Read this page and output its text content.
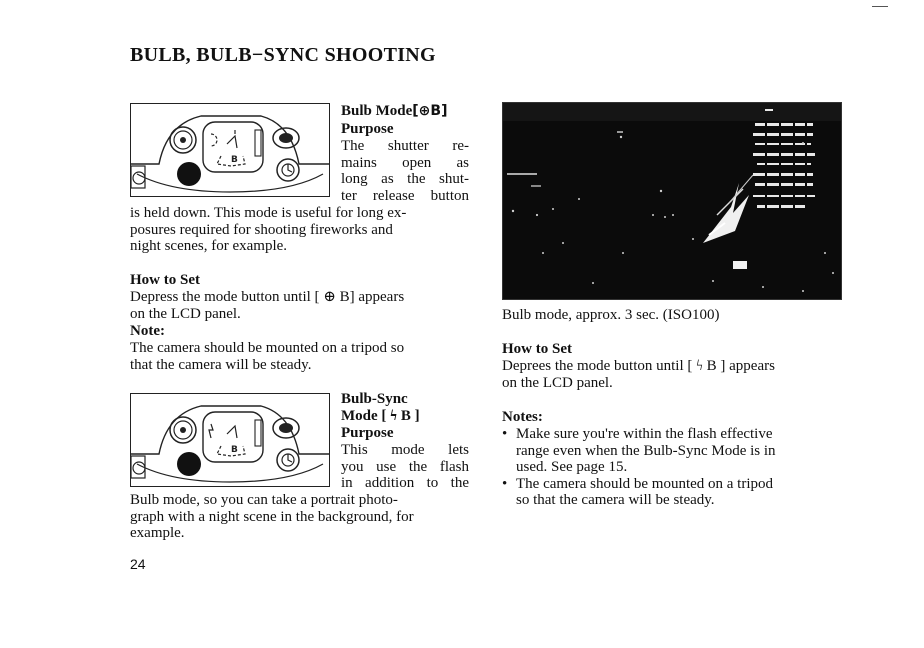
BULB, BULB−SYNC SHOOTING
B
Bulb Mode[⊕B]
Purpose
The shutter re-
mains open as
long as the shut-
ter release button
is held down. This mode is useful for long ex-
posures required for shooting fireworks and
night scenes, for example.
How to Set
Depress the mode button until [ ⊕ B] appears
on the LCD panel.
Note:
The camera should be mounted on a tripod so
that the camera will be steady.
B
Bulb-Sync
Mode [ ϟ B ]
Purpose
This mode lets
you use the flash
in addition to the
Bulb mode, so you can take a portrait photo-
graph with a night scene in the background, for
example.
24
Bulb mode, approx. 3 sec. (ISO100)
How to Set
Deprees the mode button until [ ϟ B ] appears
on the LCD panel.
Notes:
• Make sure you're within the flash effective
range even when the Bulb-Sync Mode is in
used. See page 15.
• The camera should be mounted on a tripod
so that the camera will be steady.
